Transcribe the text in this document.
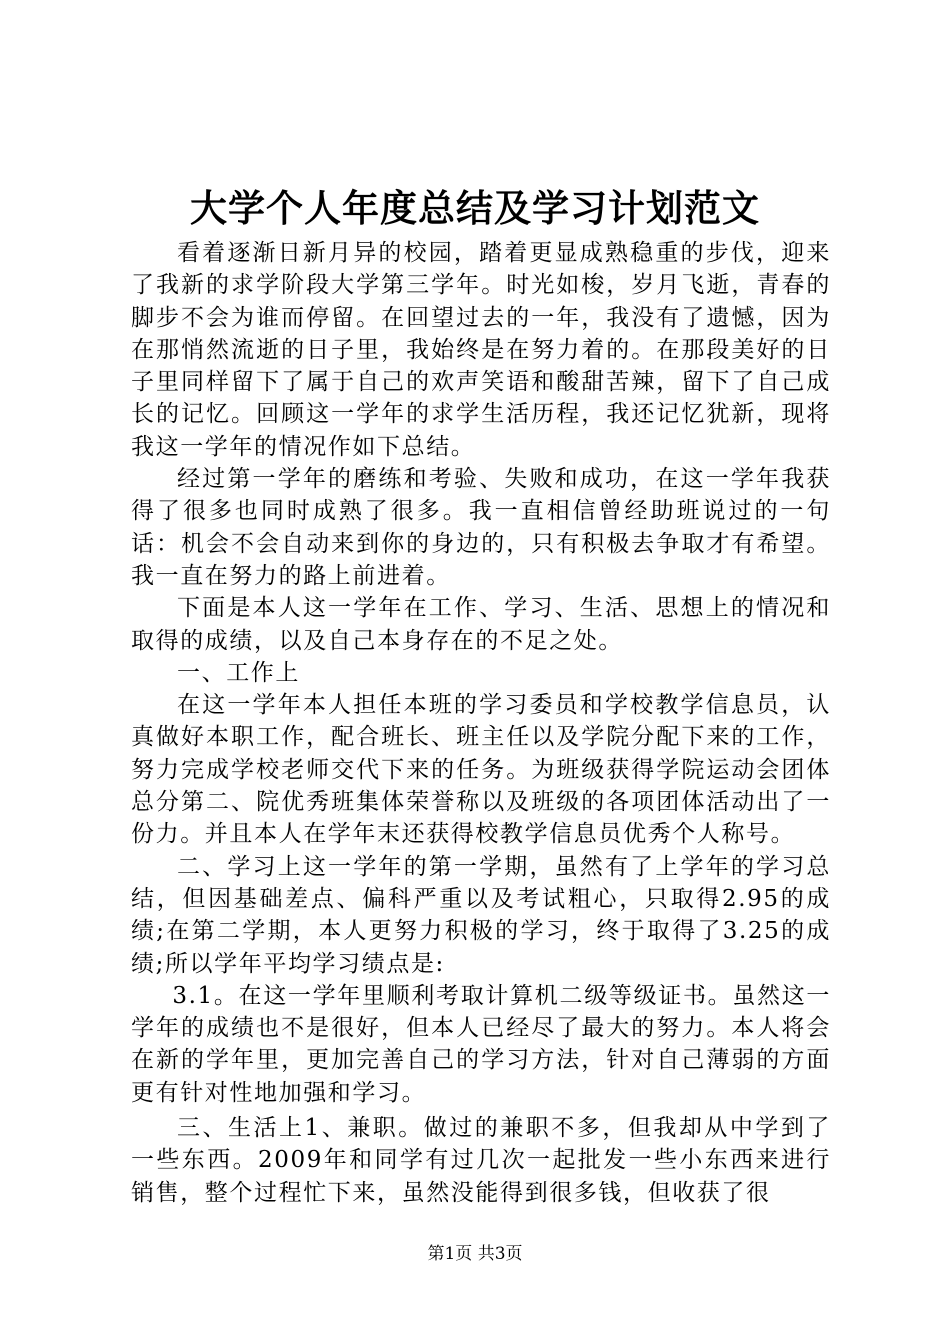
大学个人年度总结及学习计划范文

看着逐渐日新月异的校园，踏着更显成熟稳重的步伐，迎来了我新的求学阶段大学第三学年。时光如梭，岁月飞逝，青春的脚步不会为谁而停留。在回望过去的一年，我没有了遗憾，因为在那悄然流逝的日子里，我始终是在努力着的。在那段美好的日子里同样留下了属于自己的欢声笑语和酸甜苦辣，留下了自己成长的记忆。回顾这一学年的求学生活历程，我还记忆犹新，现将我这一学年的情况作如下总结。

经过第一学年的磨练和考验、失败和成功，在这一学年我获得了很多也同时成熟了很多。我一直相信曾经助班说过的一句话：机会不会自动来到你的身边的，只有积极去争取才有希望。我一直在努力的路上前进着。

下面是本人这一学年在工作、学习、生活、思想上的情况和取得的成绩，以及自己本身存在的不足之处。

一、工作上

在这一学年本人担任本班的学习委员和学校教学信息员，认真做好本职工作，配合班长、班主任以及学院分配下来的工作，努力完成学校老师交代下来的任务。为班级获得学院运动会团体总分第二、院优秀班集体荣誉称以及班级的各项团体活动出了一份力。并且本人在学年末还获得校教学信息员优秀个人称号。

二、学习上这一学年的第一学期，虽然有了上学年的学习总结，但因基础差点、偏科严重以及考试粗心，只取得2.95的成绩;在第二学期，本人更努力积极的学习，终于取得了3.25的成绩;所以学年平均学习绩点是:

3.1。在这一学年里顺利考取计算机二级等级证书。虽然这一学年的成绩也不是很好，但本人已经尽了最大的努力。本人将会在新的学年里，更加完善自己的学习方法，针对自己薄弱的方面更有针对性地加强和学习。

三、生活上1、兼职。做过的兼职不多，但我却从中学到了一些东西。2009年和同学有过几次一起批发一些小东西来进行销售，整个过程忙下来，虽然没能得到很多钱，但收获了很

第1页 共3页
